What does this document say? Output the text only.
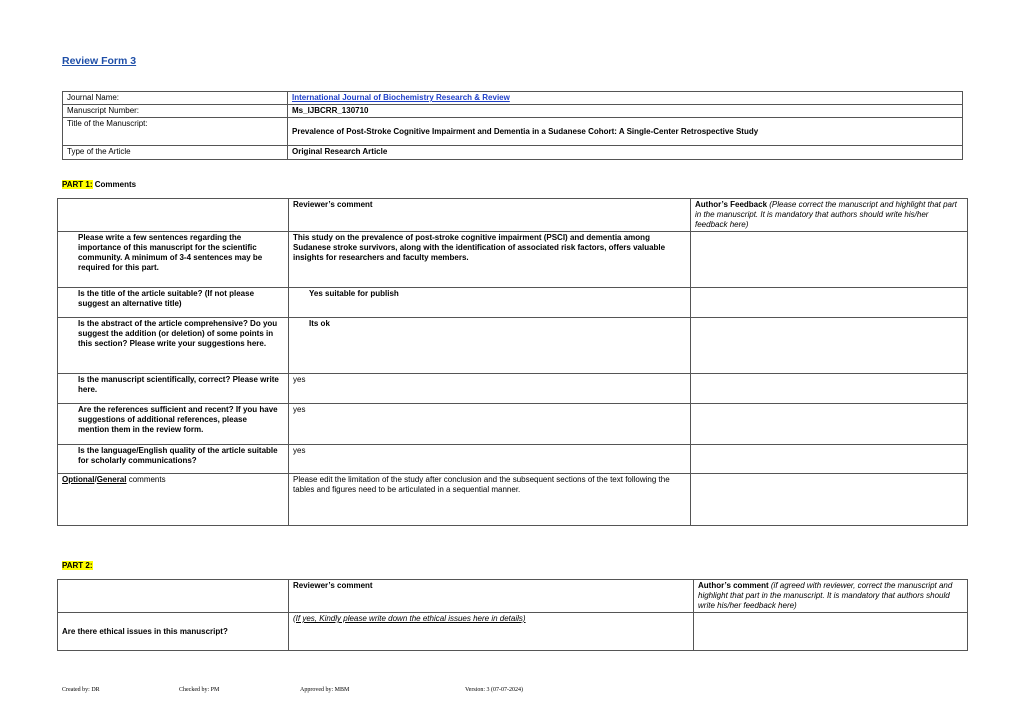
Review Form 3
Journal Name:	International Journal of Biochemistry Research & Review
Manuscript Number:	Ms_IJBCRR_130710
Title of the Manuscript:	Prevalence of Post-Stroke Cognitive Impairment and Dementia in a Sudanese Cohort: A Single-Center Retrospective Study
Type of the Article	Original Research Article
PART 1: Comments
	Reviewer’s comment	Author’s Feedback (Please correct the manuscript and highlight that part in the manuscript. It is mandatory that authors should write his/her feedback here)
Please write a few sentences regarding the importance of this manuscript for the scientific community. A minimum of 3-4 sentences may be required for this part.	This study on the prevalence of post-stroke cognitive impairment (PSCI) and dementia among Sudanese stroke survivors, along with the identification of associated risk factors, offers valuable insights for researchers and faculty members.	
Is the title of the article suitable? (If not please suggest an alternative title)	Yes suitable for publish	
Is the abstract of the article comprehensive? Do you suggest the addition (or deletion) of some points in this section? Please write your suggestions here.	Its ok	
Is the manuscript scientifically, correct? Please write here.	yes	
Are the references sufficient and recent? If you have suggestions of additional references, please mention them in the review form.	yes	
Is the language/English quality of the article suitable for scholarly communications?	yes	
Optional/General comments	Please edit the limitation of the study after conclusion and the subsequent sections of the text following the tables and figures need to be articulated in a sequential manner.	
PART 2:
	Reviewer’s comment	Author’s comment (if agreed with reviewer, correct the manuscript and highlight that part in the manuscript. It is mandatory that authors should write his/her feedback here)
Are there ethical issues in this manuscript?	(If yes, Kindly please write down the ethical issues here in details)	
Created by: DR	Checked by: PM	Approved by: MBM	Version: 3 (07-07-2024)
